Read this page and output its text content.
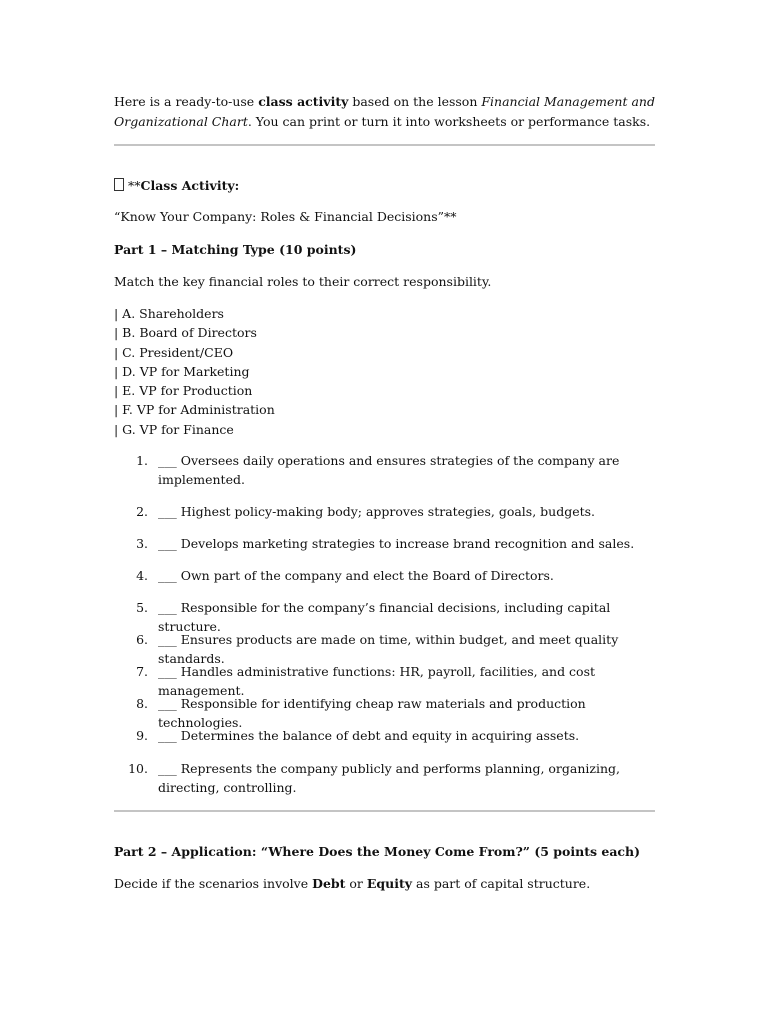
Here is a ready-to-use class activity based on the lesson Financial Management and Organizational Chart. You can print or turn it into worksheets or performance tasks.

**Class Activity:

“Know Your Company: Roles & Financial Decisions”**

Part 1 – Matching Type (10 points)

Match the key financial roles to their correct responsibility.

| A. Shareholders
| B. Board of Directors
| C. President/CEO
| D. VP for Marketing
| E. VP for Production
| F. VP for Administration
| G. VP for Finance
1. ___ Oversees daily operations and ensures strategies of the company are implemented.
2. ___ Highest policy-making body; approves strategies, goals, budgets.
3. ___ Develops marketing strategies to increase brand recognition and sales.
4. ___ Own part of the company and elect the Board of Directors.
5. ___ Responsible for the company’s financial decisions, including capital structure.
6. ___ Ensures products are made on time, within budget, and meet quality standards.
7. ___ Handles administrative functions: HR, payroll, facilities, and cost management.
8. ___ Responsible for identifying cheap raw materials and production technologies.
9. ___ Determines the balance of debt and equity in acquiring assets.
10. ___ Represents the company publicly and performs planning, organizing, directing, controlling.

Part 2 – Application: “Where Does the Money Come From?” (5 points each)

Decide if the scenarios involve Debt or Equity as part of capital structure.
